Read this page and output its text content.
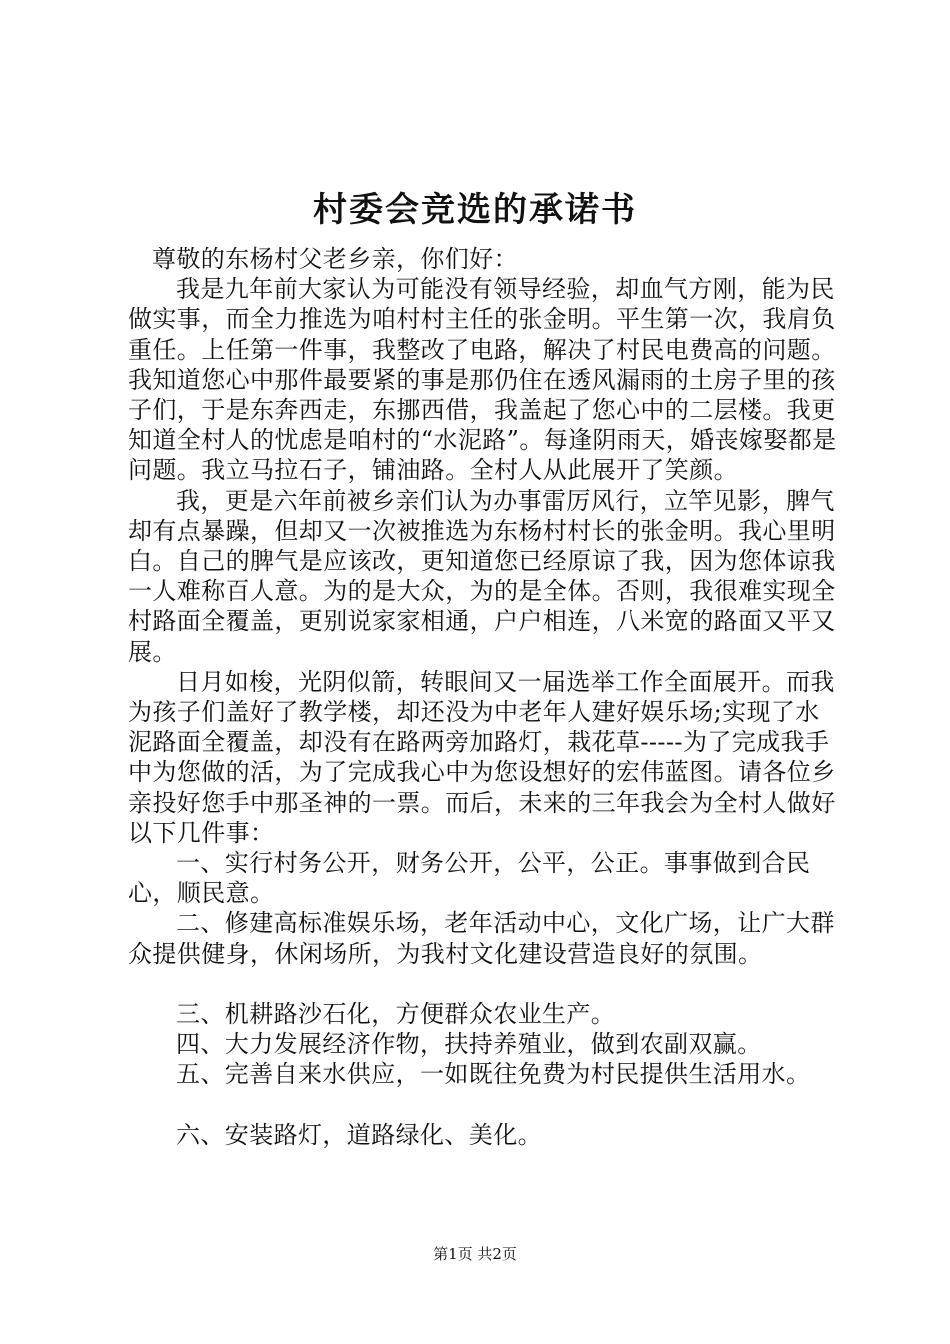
村委会竞选的承诺书

尊敬的东杨村父老乡亲，你们好：

我是九年前大家认为可能没有领导经验，却血气方刚，能为民做实事，而全力推选为咱村村主任的张金明。平生第一次，我肩负重任。上任第一件事，我整改了电路，解决了村民电费高的问题。我知道您心中那件最要紧的事是那仍住在透风漏雨的土房子里的孩子们，于是东奔西走，东挪西借，我盖起了您心中的二层楼。我更知道全村人的忧虑是咱村的“水泥路”。每逢阴雨天，婚丧嫁娶都是问题。我立马拉石子，铺油路。全村人从此展开了笑颜。

我，更是六年前被乡亲们认为办事雷厉风行，立竿见影，脾气却有点暴躁，但却又一次被推选为东杨村村长的张金明。我心里明白。自己的脾气是应该改，更知道您已经原谅了我，因为您体谅我一人难称百人意。为的是大众，为的是全体。否则，我很难实现全村路面全覆盖，更别说家家相通，户户相连，八米宽的路面又平又展。

日月如梭，光阴似箭，转眼间又一届选举工作全面展开。而我为孩子们盖好了教学楼，却还没为中老年人建好娱乐场;实现了水泥路面全覆盖，却没有在路两旁加路灯，栽花草-----为了完成我手中为您做的活，为了完成我心中为您设想好的宏伟蓝图。请各位乡亲投好您手中那圣神的一票。而后，未来的三年我会为全村人做好以下几件事：

一、实行村务公开，财务公开，公平，公正。事事做到合民心，顺民意。

二、修建高标准娱乐场，老年活动中心，文化广场，让广大群众提供健身，休闲场所，为我村文化建设营造良好的氛围。

三、机耕路沙石化，方便群众农业生产。

四、大力发展经济作物，扶持养殖业，做到农副双赢。

五、完善自来水供应，一如既往免费为村民提供生活用水。

六、安装路灯，道路绿化、美化。

第1页 共2页
